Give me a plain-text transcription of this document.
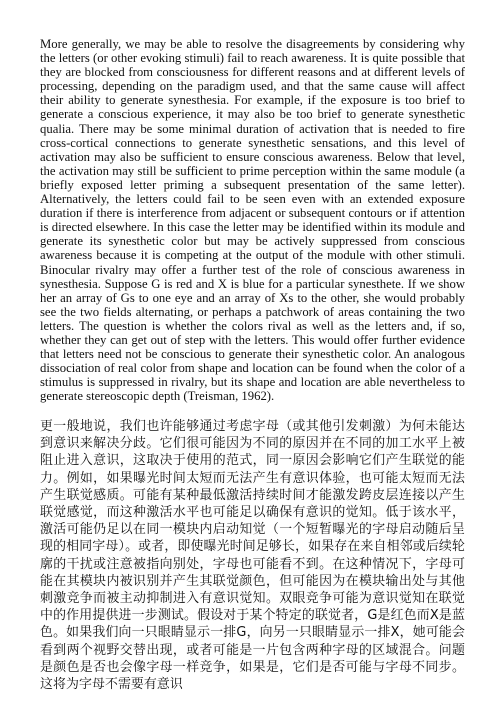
More generally, we may be able to resolve the disagreements by considering why the letters (or other evoking stimuli) fail to reach awareness. It is quite possible that they are blocked from consciousness for different reasons and at different levels of processing, depending on the paradigm used, and that the same cause will affect their ability to generate synesthesia. For example, if the exposure is too brief to generate a conscious experience, it may also be too brief to generate synesthetic qualia. There may be some minimal duration of activation that is needed to fire cross-cortical connections to generate synesthetic sensations, and this level of activation may also be sufficient to ensure conscious awareness. Below that level, the activation may still be sufficient to prime perception within the same module (a briefly exposed letter priming a subsequent presentation of the same letter). Alternatively, the letters could fail to be seen even with an extended exposure duration if there is interference from adjacent or subsequent contours or if attention is directed elsewhere. In this case the letter may be identified within its module and generate its synesthetic color but may be actively suppressed from conscious awareness because it is competing at the output of the module with other stimuli. Binocular rivalry may offer a further test of the role of conscious awareness in synesthesia. Suppose G is red and X is blue for a particular synesthete. If we show her an array of Gs to one eye and an array of Xs to the other, she would probably see the two fields alternating, or perhaps a patchwork of areas containing the two letters. The question is whether the colors rival as well as the letters and, if so, whether they can get out of step with the letters. This would offer further evidence that letters need not be conscious to generate their synesthetic color. An analogous dissociation of real color from shape and location can be found when the color of a stimulus is suppressed in rivalry, but its shape and location are able nevertheless to generate stereoscopic depth (Treisman, 1962).

更一般地说，我们也许能够通过考虑字母（或其他引发刺激）为何未能达到意识来解决分歧。它们很可能因为不同的原因并在不同的加工水平上被阻止进入意识，这取决于使用的范式，同一原因会影响它们产生联觉的能力。例如，如果曝光时间太短而无法产生有意识体验，也可能太短而无法产生联觉感质。可能有某种最低激活持续时间才能激发跨皮层连接以产生联觉感觉，而这种激活水平也可能足以确保有意识的觉知。低于该水平，激活可能仍足以在同一模块内启动知觉（一个短暂曝光的字母启动随后呈现的相同字母）。或者，即使曝光时间足够长，如果存在来自相邻或后续轮廓的干扰或注意被指向别处，字母也可能看不到。在这种情况下，字母可能在其模块内被识别并产生其联觉颜色，但可能因为在模块输出处与其他刺激竞争而被主动抑制进入有意识觉知。双眼竞争可能为意识觉知在联觉中的作用提供进一步测试。假设对于某个特定的联觉者，G是红色而X是蓝色。如果我们向一只眼睛显示一排G，向另一只眼睛显示一排X，她可能会看到两个视野交替出现，或者可能是一片包含两种字母的区域混合。问题是颜色是否也会像字母一样竞争，如果是，它们是否可能与字母不同步。这将为字母不需要有意识
